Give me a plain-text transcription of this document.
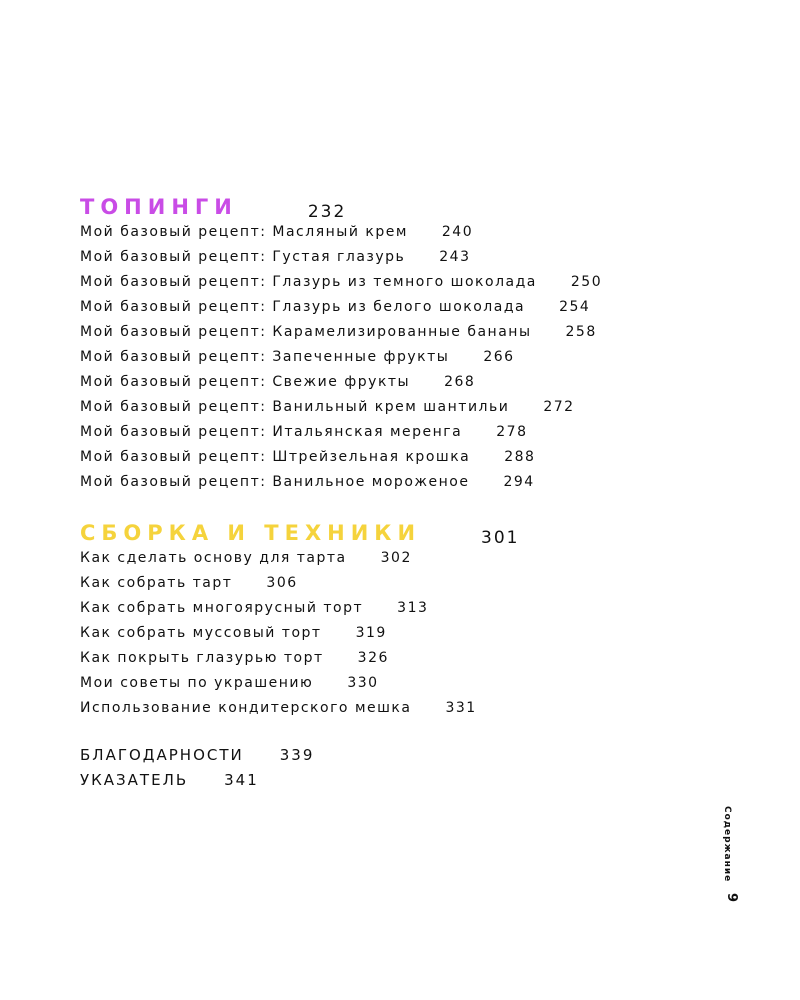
ТОПИНГИ	232
Мой базовый рецепт: Масляный крем 240
Мой базовый рецепт: Густая глазурь 243
Мой базовый рецепт: Глазурь из темного шоколада 250
Мой базовый рецепт: Глазурь из белого шоколада 254
Мой базовый рецепт: Карамелизированные бананы 258
Мой базовый рецепт: Запеченные фрукты 266
Мой базовый рецепт: Свежие фрукты 268
Мой базовый рецепт: Ванильный крем шантильи 272
Мой базовый рецепт: Итальянская меренга 278
Мой базовый рецепт: Штрейзельная крошка 288
Мой базовый рецепт: Ванильное мороженое 294
СБОРКА И ТЕХНИКИ	301
Как сделать основу для тарта 302
Как собрать тарт 306
Как собрать многоярусный торт 313
Как собрать муссовый торт 319
Как покрыть глазурью торт 326
Мои советы по украшению 330
Использование кондитерского мешка 331
БЛАГОДАРНОСТИ 339
УКАЗАТЕЛЬ 341
Содержание
9
